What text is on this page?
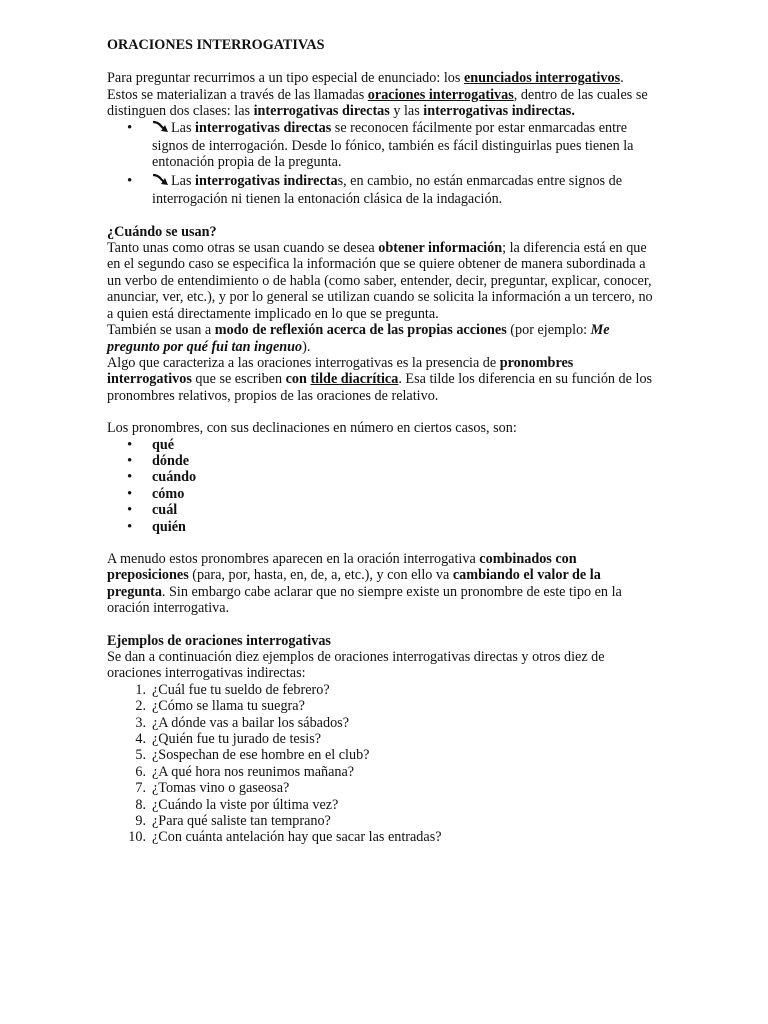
ORACIONES INTERROGATIVAS

Para preguntar recurrimos a un tipo especial de enunciado: los enunciados interrogativos. Estos se materializan a través de las llamadas oraciones interrogativas, dentro de las cuales se distinguen dos clases: las interrogativas directas y las interrogativas indirectas.

• Las interrogativas directas se reconocen fácilmente por estar enmarcadas entre signos de interrogación. Desde lo fónico, también es fácil distinguirlas pues tienen la entonación propia de la pregunta.
• Las interrogativas indirectas, en cambio, no están enmarcadas entre signos de interrogación ni tienen la entonación clásica de la indagación.

¿Cuándo se usan?

Tanto unas como otras se usan cuando se desea obtener información; la diferencia está en que en el segundo caso se especifica la información que se quiere obtener de manera subordinada a un verbo de entendimiento o de habla (como saber, entender, decir, preguntar, explicar, conocer, anunciar, ver, etc.), y por lo general se utilizan cuando se solicita la información a un tercero, no a quien está directamente implicado en lo que se pregunta.

También se usan a modo de reflexión acerca de las propias acciones (por ejemplo: Me pregunto por qué fui tan ingenuo).

Algo que caracteriza a las oraciones interrogativas es la presencia de pronombres interrogativos que se escriben con tilde diacrítica. Esa tilde los diferencia en su función de los pronombres relativos, propios de las oraciones de relativo.

Los pronombres, con sus declinaciones en número en ciertos casos, son:

• qué
• dónde
• cuándo
• cómo
• cuál
• quién

A menudo estos pronombres aparecen en la oración interrogativa combinados con preposiciones (para, por, hasta, en, de, a, etc.), y con ello va cambiando el valor de la pregunta. Sin embargo cabe aclarar que no siempre existe un pronombre de este tipo en la oración interrogativa.

Ejemplos de oraciones interrogativas

Se dan a continuación diez ejemplos de oraciones interrogativas directas y otros diez de oraciones interrogativas indirectas:

1. ¿Cuál fue tu sueldo de febrero?
2. ¿Cómo se llama tu suegra?
3. ¿A dónde vas a bailar los sábados?
4. ¿Quién fue tu jurado de tesis?
5. ¿Sospechan de ese hombre en el club?
6. ¿A qué hora nos reunimos mañana?
7. ¿Tomas vino o gaseosa?
8. ¿Cuándo la viste por última vez?
9. ¿Para qué saliste tan temprano?
10. ¿Con cuánta antelación hay que sacar las entradas?
